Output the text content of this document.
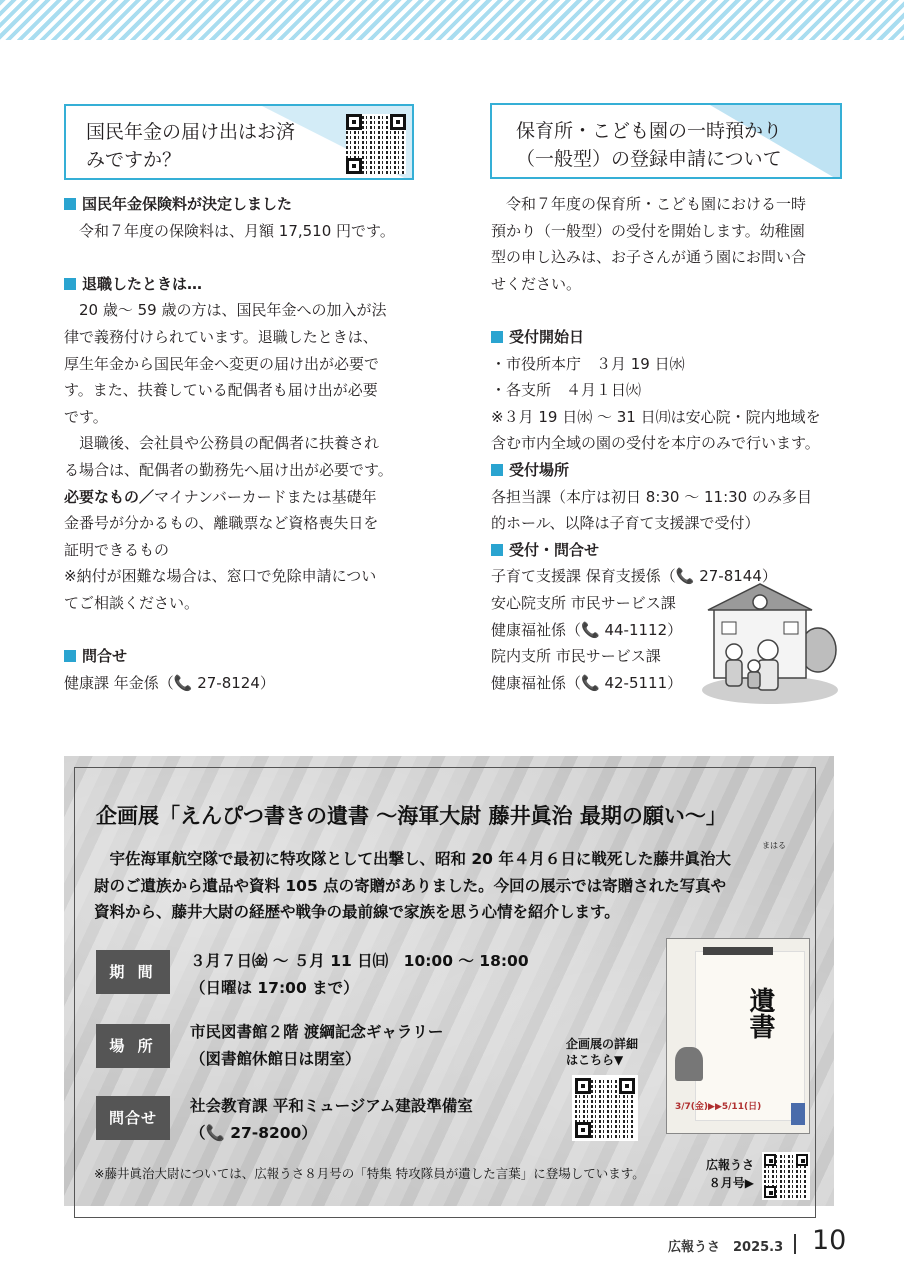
国民年金の届け出はお済
みですか？
保育所・こども園の一時預かり
（一般型）の登録申請について

国民年金保険料が決定しました

令和７年度の保険料は、月額 17,510 円です。

退職したときは…

20 歳～ 59 歳の方は、国民年金への加入が法

律で義務付けられています。退職したときは、

厚生年金から国民年金へ変更の届け出が必要で

す。また、扶養している配偶者も届け出が必要

です。

退職後、会社員や公務員の配偶者に扶養され

る場合は、配偶者の勤務先へ届け出が必要です。

必要なもの／マイナンバーカードまたは基礎年

金番号が分かるもの、離職票など資格喪失日を

証明できるもの

※納付が困難な場合は、窓口で免除申請につい

てご相談ください。

問合せ

健康課 年金係（📞 27-8124）

令和７年度の保育所・こども園における一時

預かり（一般型）の受付を開始します。幼稚園

型の申し込みは、お子さんが通う園にお問い合

せください。

受付開始日

・市役所本庁　３月 19 日㈬

・各支所　４月１日㈫

※３月 19 日㈬ ～ 31 日㈪は安心院・院内地域を

含む市内全域の園の受付を本庁のみで行います。

受付場所

各担当課（本庁は初日 8:30 ～ 11:30 のみ多目

的ホール、以降は子育て支援課で受付）

受付・問合せ

子育て支援課 保育支援係（📞 27-8144）

安心院支所 市民サービス課

健康福祉係（📞 44-1112）

院内支所 市民サービス課

健康福祉係（📞 42-5111）

企画展「えんぴつ書きの遺書 ～海軍大尉 藤井眞治 最期の願い～」
まはる
宇佐海軍航空隊で最初に特攻隊として出撃し、昭和 20 年４月６日に戦死した藤井眞治大
尉のご遺族から遺品や資料 105 点の寄贈がありました。今回の展示では寄贈された写真や
資料から、藤井大尉の経歴や戦争の最前線で家族を思う心情を紹介します。
期 間
３月７日㈮ ～ ５月 11 日㈰　10:00 ～ 18:00
（日曜は 17:00 まで）
場 所
市民図書館２階 渡綱記念ギャラリー
（図書館休館日は閉室）
問合せ
社会教育課 平和ミュージアム建設準備室
（📞 27-8200）
企画展の詳細
はこちら▼
遺書
3/7(金)▶▶5/11(日)
※藤井眞治大尉については、広報うさ８月号の「特集 特攻隊員が遺した言葉」に登場しています。
広報うさ
８月号▶
広報うさ　2025.3 10
